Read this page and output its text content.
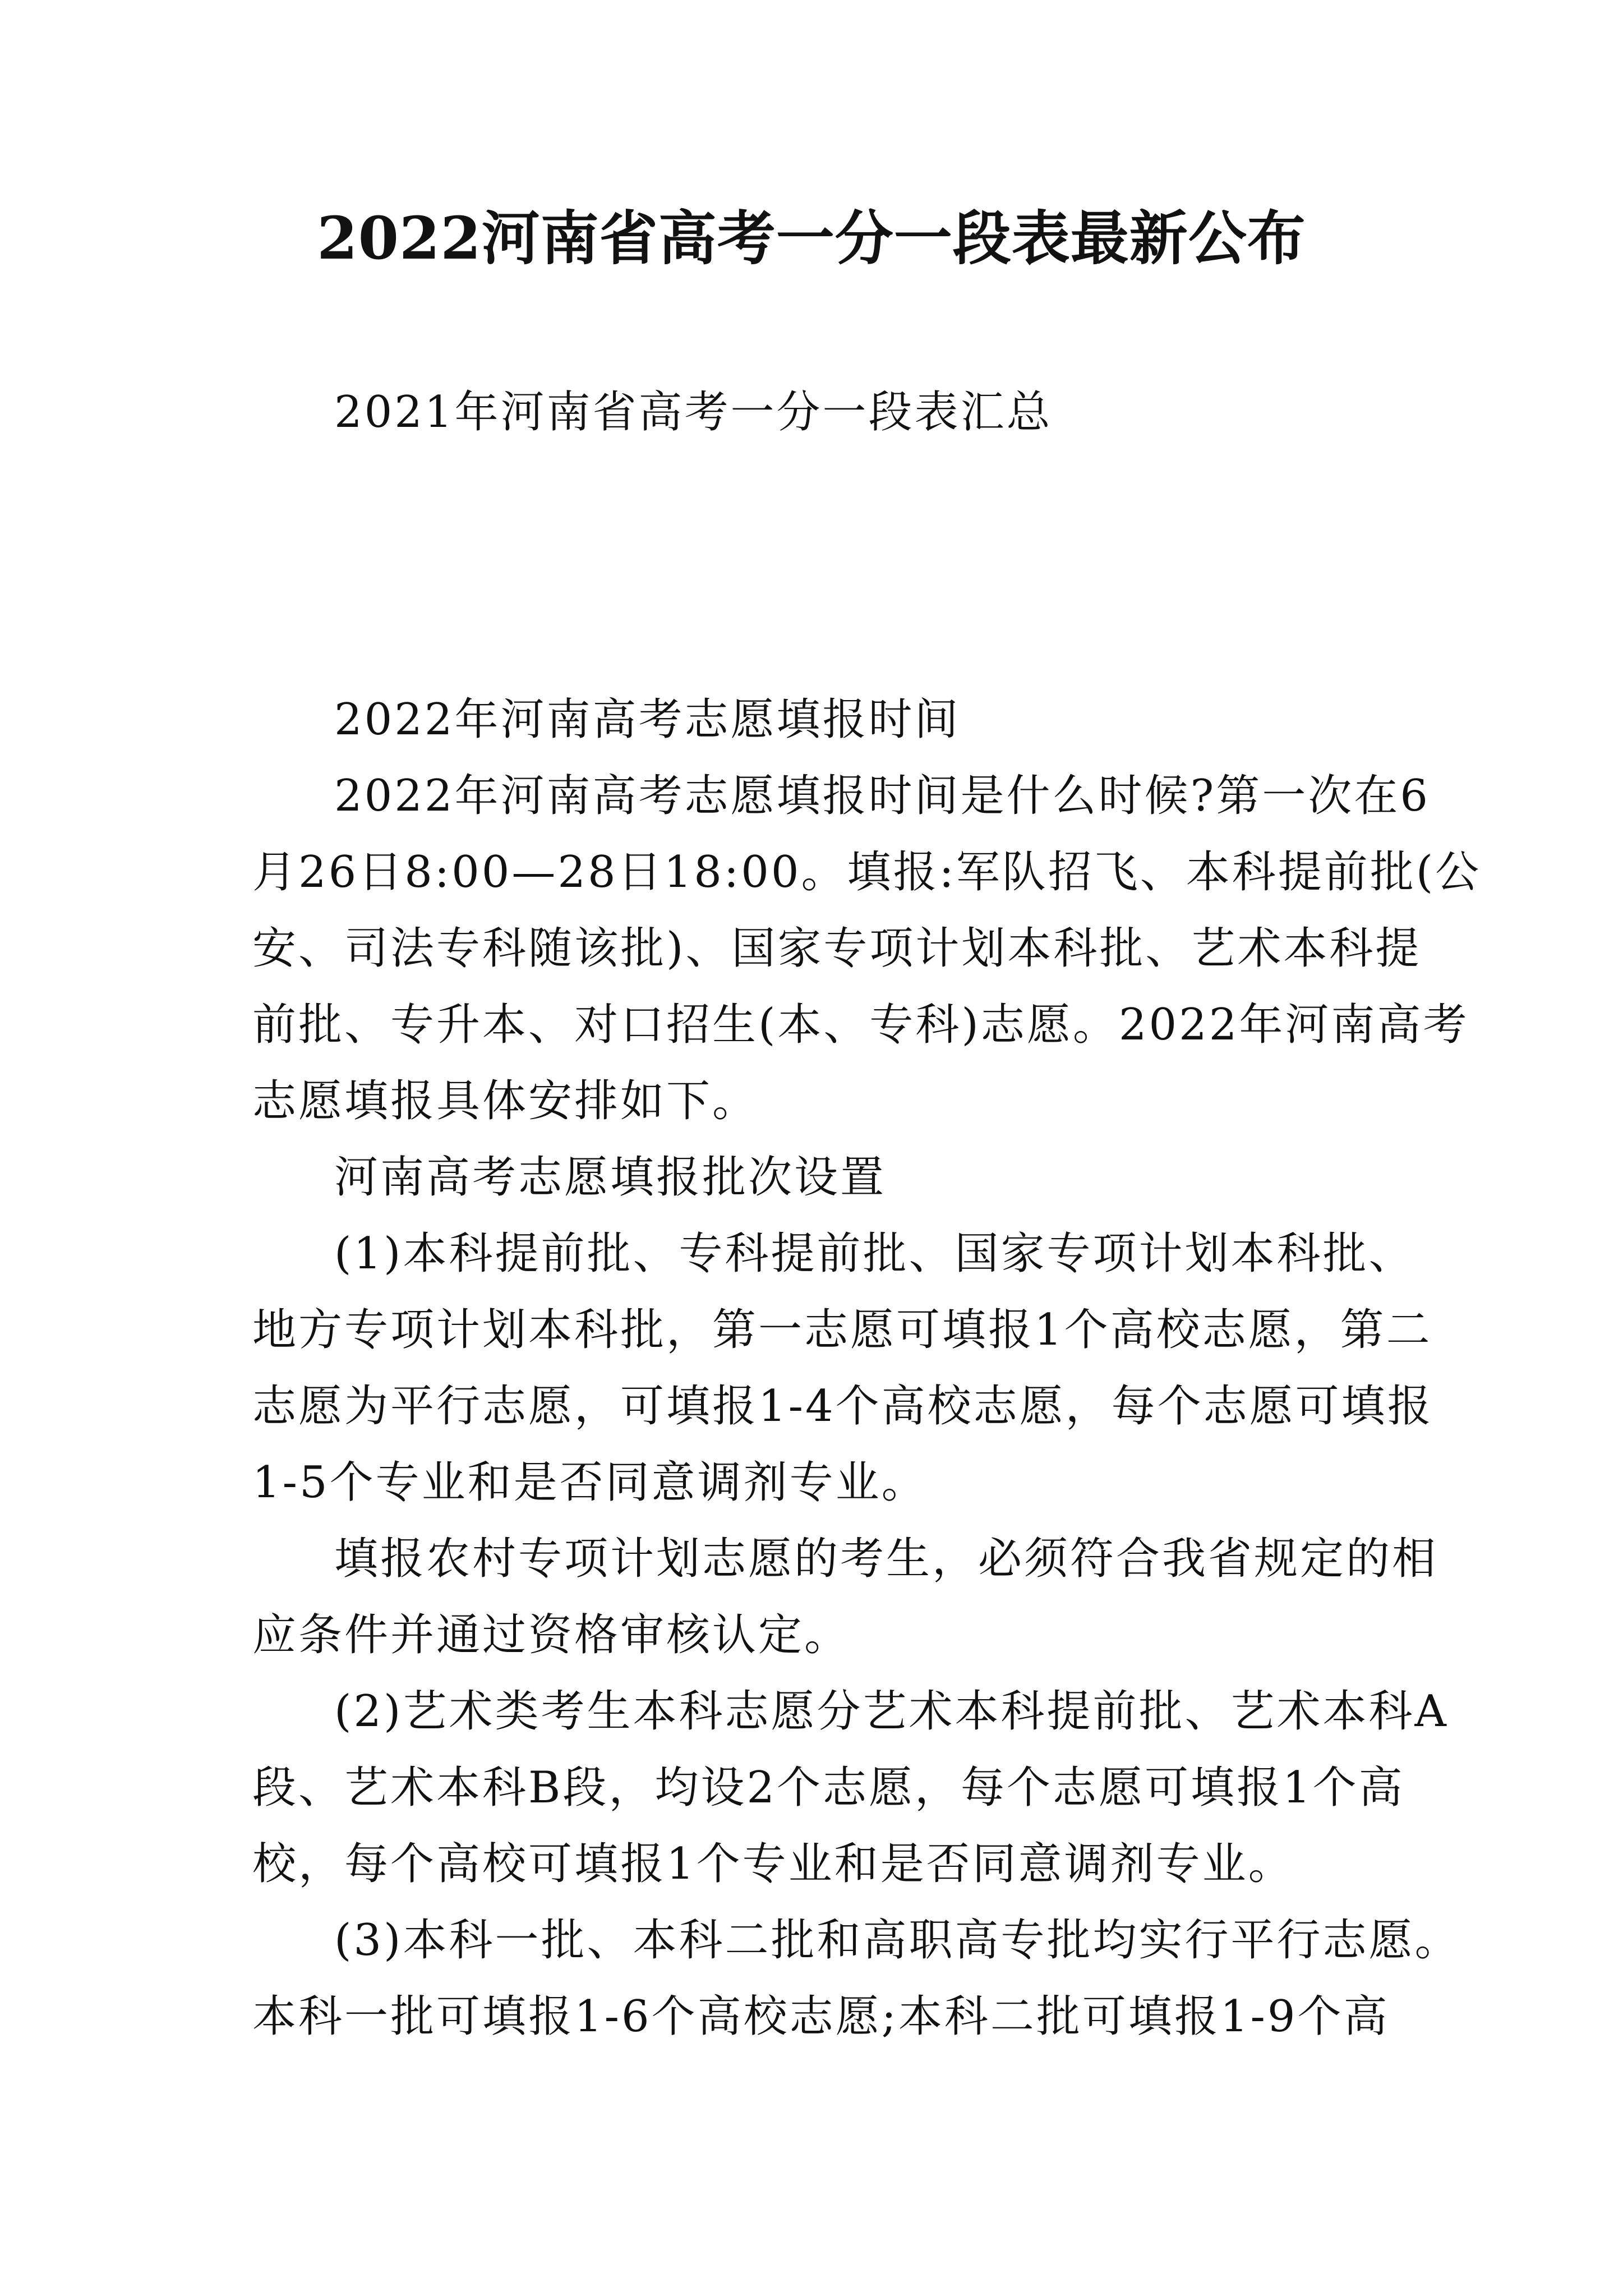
2022河南省高考一分一段表最新公布
2021年河南省高考一分一段表汇总
2022年河南高考志愿填报时间
2022年河南高考志愿填报时间是什么时候?第一次在6
月26日8:00—28日18:00。填报:军队招飞、本科提前批(公
安、司法专科随该批)、国家专项计划本科批、艺术本科提
前批、专升本、对口招生(本、专科)志愿。2022年河南高考
志愿填报具体安排如下。
河南高考志愿填报批次设置
(1)本科提前批、专科提前批、国家专项计划本科批、
地方专项计划本科批，第一志愿可填报1个高校志愿，第二
志愿为平行志愿，可填报1-4个高校志愿，每个志愿可填报
1-5个专业和是否同意调剂专业。
填报农村专项计划志愿的考生，必须符合我省规定的相
应条件并通过资格审核认定。
(2)艺术类考生本科志愿分艺术本科提前批、艺术本科A
段、艺术本科B段，均设2个志愿，每个志愿可填报1个高
校，每个高校可填报1个专业和是否同意调剂专业。
(3)本科一批、本科二批和高职高专批均实行平行志愿。
本科一批可填报1-6个高校志愿;本科二批可填报1-9个高
